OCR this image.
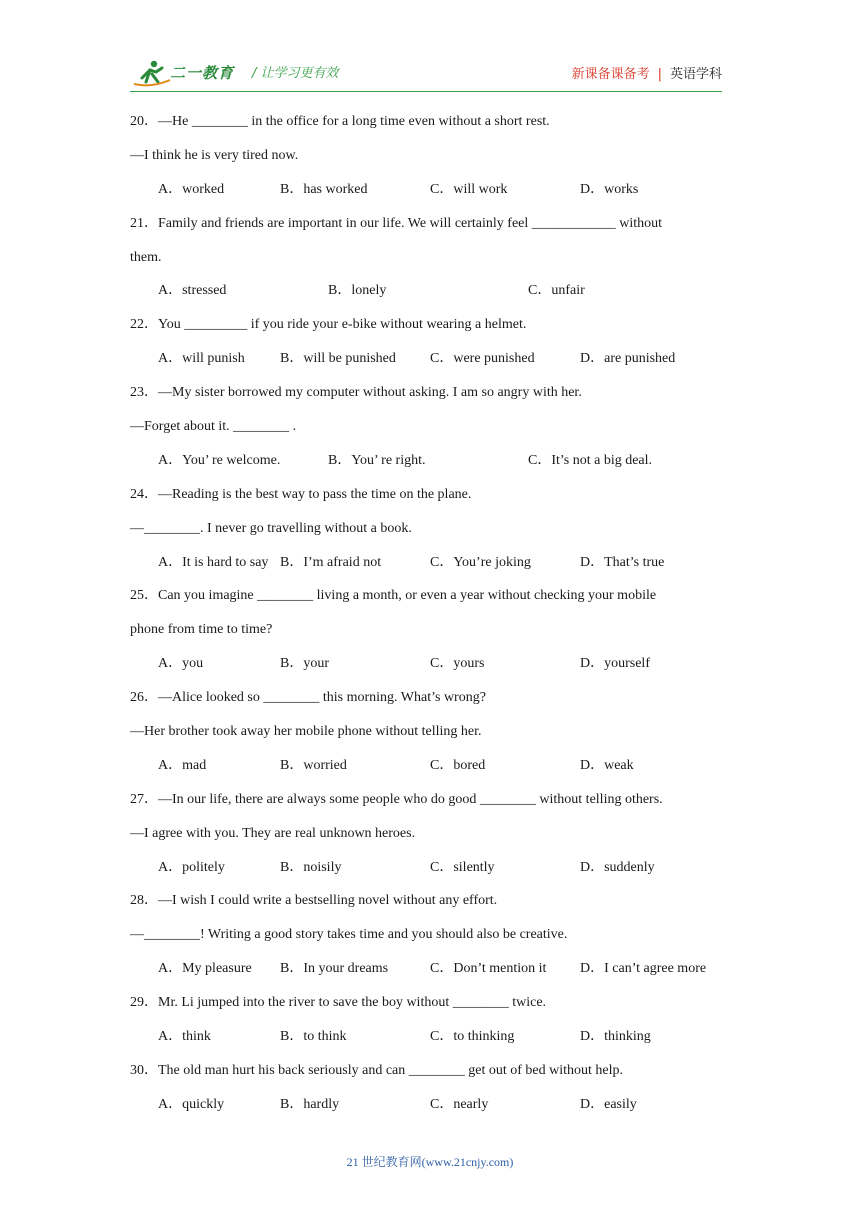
二一教育 / 让学习更有效	新课备课备考 | 英语学科
20．—He ________ in the office for a long time even without a short rest.
—I think he is very tired now.
A．worked	B．has worked	C．will work	D．works
21．Family and friends are important in our life. We will certainly feel ____________ without
them.
A．stressed	B．lonely	C．unfair
22．You _________ if you ride your e-bike without wearing a helmet.
A．will punish	B．will be punished C．were punished	D．are punished
23．—My sister borrowed my computer without asking. I am so angry with her.
—Forget about it. ________ .
A．You’ re welcome.	B．You’ re right.	C．It’s not a big deal.
24．—Reading is the best way to pass the time on the plane.
—________. I never go travelling without a book.
A．It is hard to say B．I’m afraid not	C．You’re joking	D．That’s true
25．Can you imagine ________ living a month, or even a year without checking your mobile
phone from time to time?
A．you	B．your	C．yours	D．yourself
26．—Alice looked so ________ this morning. What’s wrong?
—Her brother took away her mobile phone without telling her.
A．mad	B．worried	C．bored	D．weak
27．—In our life, there are always some people who do good ________ without telling others.
—I agree with you. They are real unknown heroes.
A．politely	B．noisily	C．silently	D．suddenly
28．—I wish I could write a bestselling novel without any effort.
—________! Writing a good story takes time and you should also be creative.
A．My pleasure B．In your dreams	C．Don’t mention it D．I can’t agree more
29．Mr. Li jumped into the river to save the boy without ________ twice.
A．think	B．to think	C．to thinking	D．thinking
30．The old man hurt his back seriously and can ________ get out of bed without help.
A．quickly	B．hardly	C．nearly	D．easily
21 世纪教育网(www.21cnjy.com)
